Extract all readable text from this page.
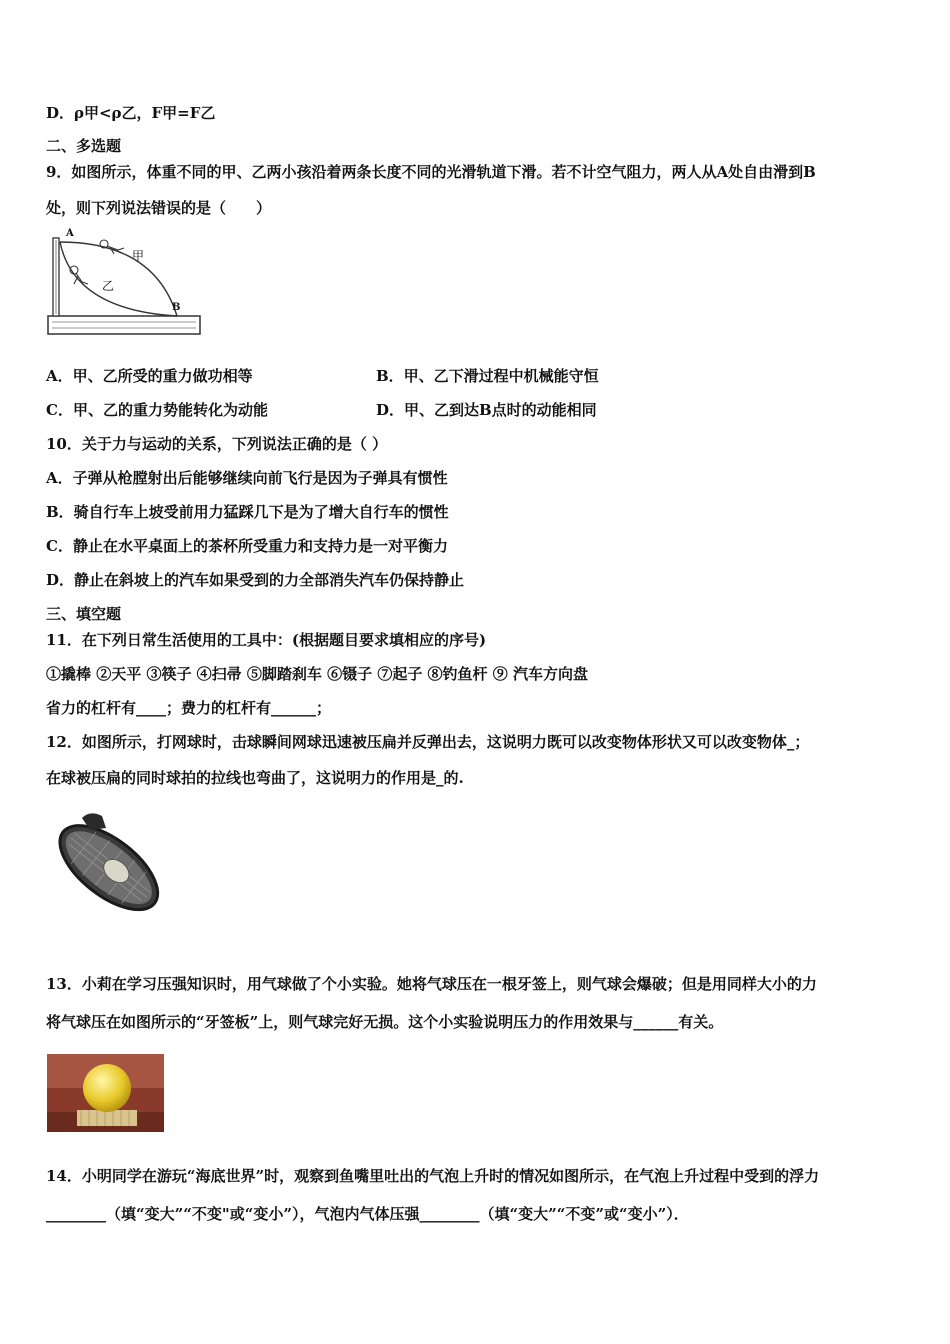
D．ρ甲<ρ乙，F甲=F乙
二、多选题
9．如图所示，体重不同的甲、乙两小孩沿着两条长度不同的光滑轨道下滑。若不计空气阻力，两人从A处自由滑到B
处，则下列说法错误的是（　　）
A
甲
乙
B
A．甲、乙所受的重力做功相等	B．甲、乙下滑过程中机械能守恒
C．甲、乙的重力势能转化为动能	D．甲、乙到达B点时的动能相同
10．关于力与运动的关系，下列说法正确的是（ ）
A．子弹从枪膛射出后能够继续向前飞行是因为子弹具有惯性
B．骑自行车上坡受前用力猛踩几下是为了增大自行车的惯性
C．静止在水平桌面上的茶杯所受重力和支持力是一对平衡力
D．静止在斜坡上的汽车如果受到的力全部消失汽车仍保持静止
三、填空题
11．在下列日常生活使用的工具中：(根据题目要求填相应的序号)
①撬棒 ②天平 ③筷子 ④扫帚 ⑤脚踏刹车 ⑥镊子 ⑦起子 ⑧钓鱼杆 ⑨ 汽车方向盘
省力的杠杆有____；费力的杠杆有______；
12．如图所示，打网球时，击球瞬间网球迅速被压扁并反弹出去，这说明力既可以改变物体形状又可以改变物体_；
在球被压扁的同时球拍的拉线也弯曲了，这说明力的作用是_的.
13．小莉在学习压强知识时，用气球做了个小实验。她将气球压在一根牙签上，则气球会爆破；但是用同样大小的力
将气球压在如图所示的“牙签板”上，则气球完好无损。这个小实验说明压力的作用效果与______有关。
14．小明同学在游玩“海底世界”时，观察到鱼嘴里吐出的气泡上升时的情况如图所示，在气泡上升过程中受到的浮力
________（填“变大”“不变"或“变小”），气泡内气体压强________（填“变大”“不变”或“变小”）．
